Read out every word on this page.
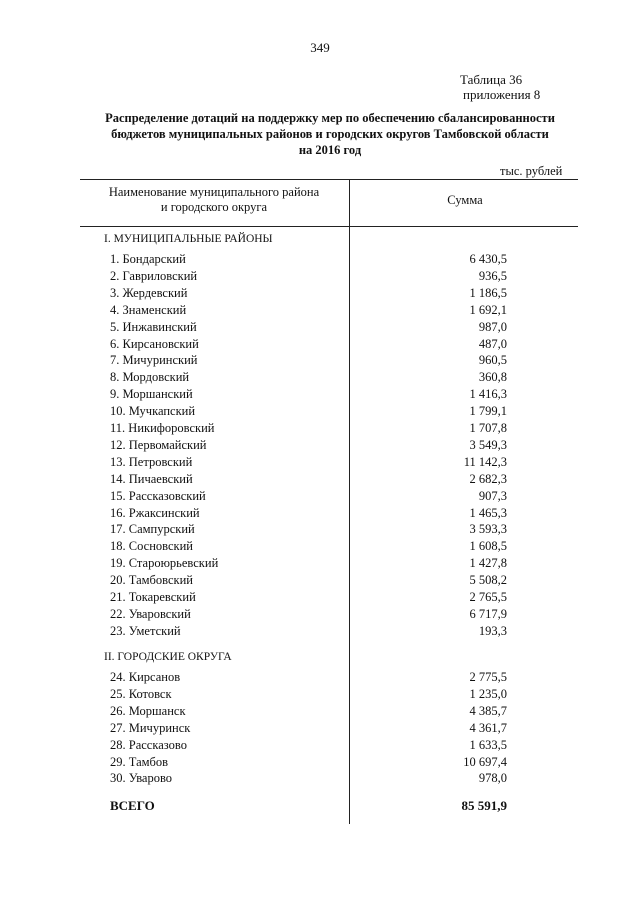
349
Таблица 36
приложения 8
Распределение дотаций на поддержку мер по обеспечению сбалансированности
бюджетов муниципальных районов и городских округов Тамбовской области
на 2016 год
тыс. рублей
Наименование муниципального района
и городского округа	Сумма
I. МУНИЦИПАЛЬНЫЕ РАЙОНЫ
1. Бондарский	6 430,5
2. Гавриловский	936,5
3. Жердевский	1 186,5
4. Знаменский	1 692,1
5. Инжавинский	987,0
6. Кирсановский	487,0
7. Мичуринский	960,5
8. Мордовский	360,8
9. Моршанский	1 416,3
10. Мучкапский	1 799,1
11. Никифоровский	1 707,8
12. Первомайский	3 549,3
13. Петровский	11 142,3
14. Пичаевский	2 682,3
15. Рассказовский	907,3
16. Ржаксинский	1 465,3
17. Сампурский	3 593,3
18. Сосновский	1 608,5
19. Староюрьевский	1 427,8
20. Тамбовский	5 508,2
21. Токаревский	2 765,5
22. Уваровский	6 717,9
23. Уметский	193,3
II. ГОРОДСКИЕ ОКРУГА
24. Кирсанов	2 775,5
25. Котовск	1 235,0
26. Моршанск	4 385,7
27. Мичуринск	4 361,7
28. Рассказово	1 633,5
29. Тамбов	10 697,4
30. Уварово	978,0
ВСЕГО	85 591,9
